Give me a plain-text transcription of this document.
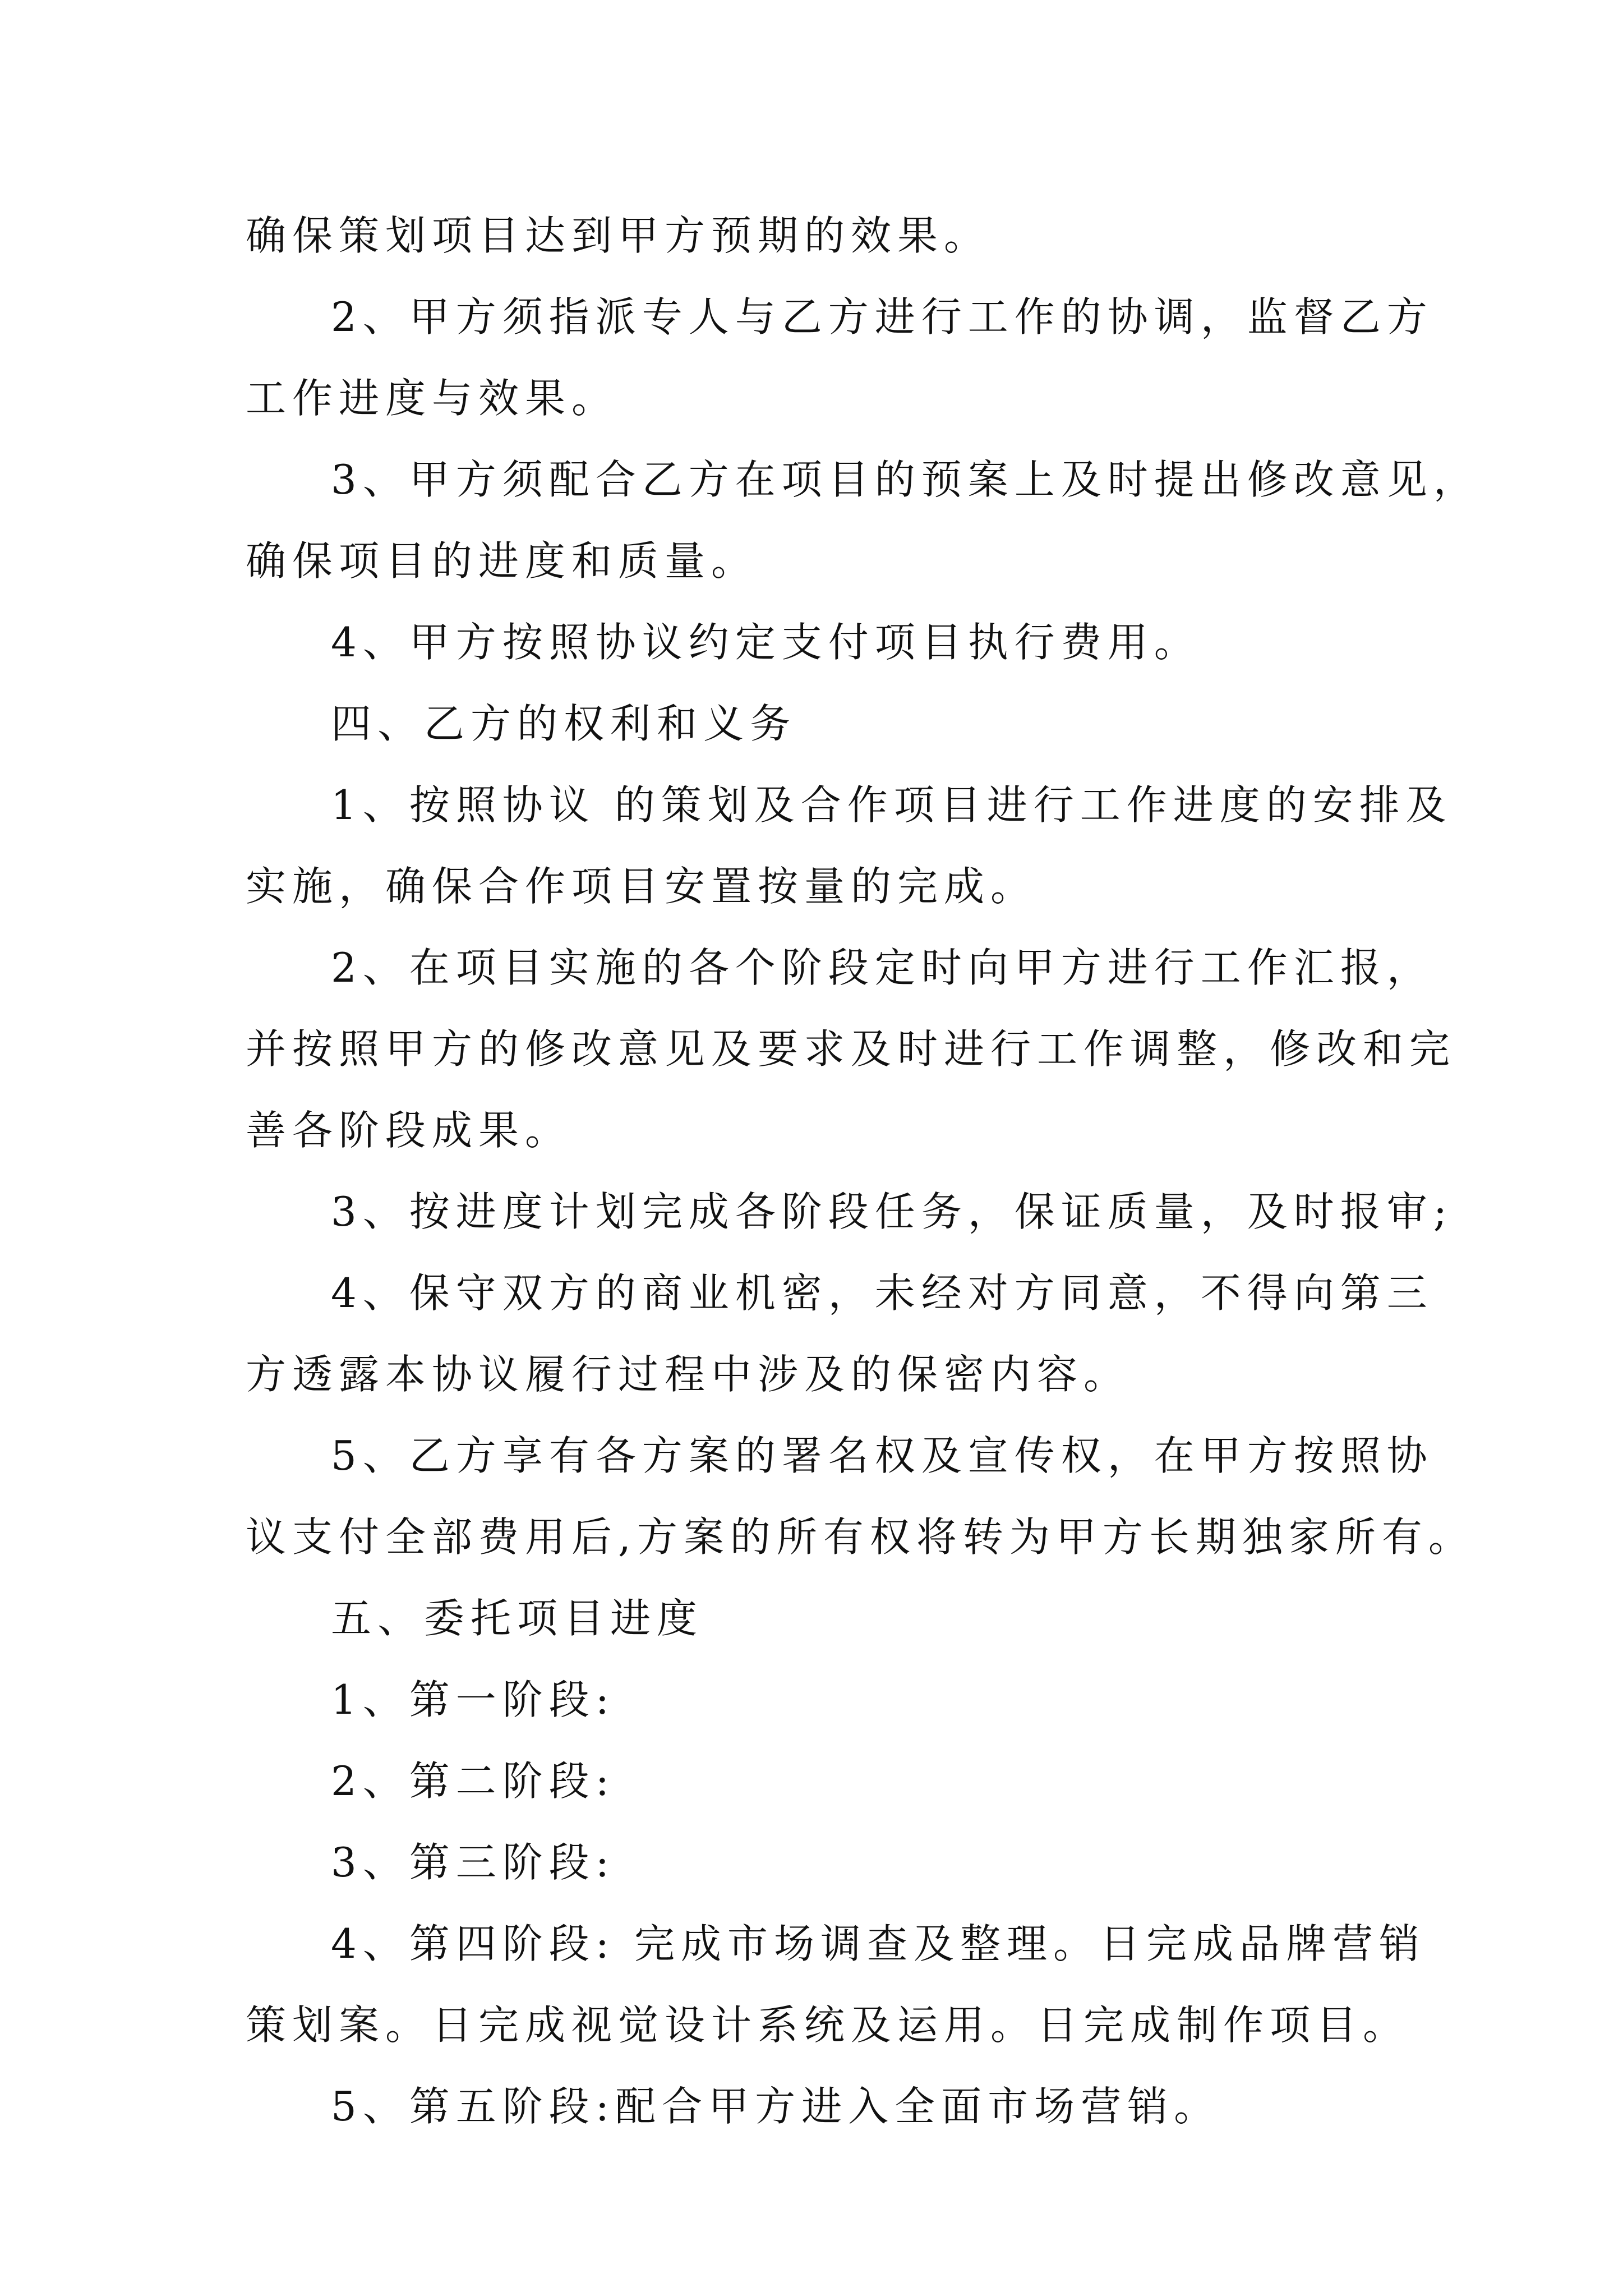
确保策划项目达到甲方预期的效果。
2、甲方须指派专人与乙方进行工作的协调，监督乙方
工作进度与效果。
3、甲方须配合乙方在项目的预案上及时提出修改意见，
确保项目的进度和质量。
4、甲方按照协议约定支付项目执行费用。
四、乙方的权利和义务
1、按照协议 的策划及合作项目进行工作进度的安排及
实施，确保合作项目安置按量的完成。
2、在项目实施的各个阶段定时向甲方进行工作汇报，
并按照甲方的修改意见及要求及时进行工作调整，修改和完
善各阶段成果。
3、按进度计划完成各阶段任务，保证质量，及时报审;
4、保守双方的商业机密，未经对方同意，不得向第三
方透露本协议履行过程中涉及的保密内容。
5、乙方享有各方案的署名权及宣传权，在甲方按照协
议支付全部费用后,方案的所有权将转为甲方长期独家所有。
五、委托项目进度
1、第一阶段:
2、第二阶段:
3、第三阶段:
4、第四阶段: 完成市场调查及整理。日完成品牌营销
策划案。日完成视觉设计系统及运用。日完成制作项目。
5、第五阶段:配合甲方进入全面市场营销。
